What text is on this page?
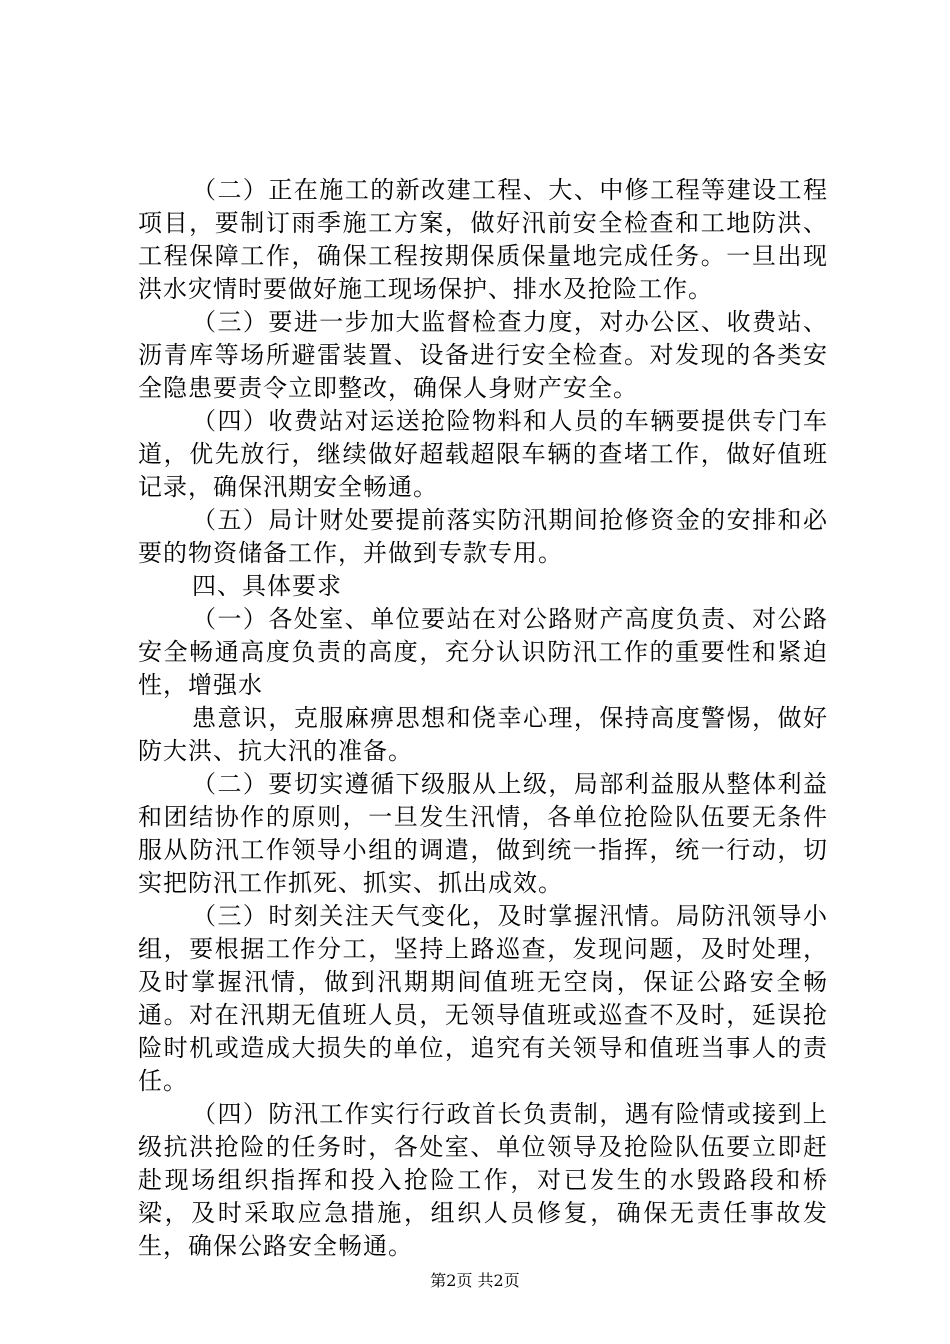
（二）正在施工的新改建工程、大、中修工程等建设工程项目，要制订雨季施工方案，做好汛前安全检查和工地防洪、工程保障工作，确保工程按期保质保量地完成任务。一旦出现洪水灾情时要做好施工现场保护、排水及抢险工作。

（三）要进一步加大监督检查力度，对办公区、收费站、沥青库等场所避雷装置、设备进行安全检查。对发现的各类安全隐患要责令立即整改，确保人身财产安全。

（四）收费站对运送抢险物料和人员的车辆要提供专门车道，优先放行，继续做好超载超限车辆的查堵工作，做好值班记录，确保汛期安全畅通。

（五）局计财处要提前落实防汛期间抢修资金的安排和必要的物资储备工作，并做到专款专用。

四、具体要求

（一）各处室、单位要站在对公路财产高度负责、对公路安全畅通高度负责的高度，充分认识防汛工作的重要性和紧迫性，增强水

患意识，克服麻痹思想和侥幸心理，保持高度警惕，做好防大洪、抗大汛的准备。

（二）要切实遵循下级服从上级，局部利益服从整体利益和团结协作的原则，一旦发生汛情，各单位抢险队伍要无条件服从防汛工作领导小组的调遣，做到统一指挥，统一行动，切实把防汛工作抓死、抓实、抓出成效。

（三）时刻关注天气变化，及时掌握汛情。局防汛领导小组，要根据工作分工，坚持上路巡查，发现问题，及时处理，及时掌握汛情，做到汛期期间值班无空岗，保证公路安全畅通。对在汛期无值班人员，无领导值班或巡查不及时，延误抢险时机或造成大损失的单位，追究有关领导和值班当事人的责任。

（四）防汛工作实行行政首长负责制，遇有险情或接到上级抗洪抢险的任务时，各处室、单位领导及抢险队伍要立即赶赴现场组织指挥和投入抢险工作，对已发生的水毁路段和桥梁，及时采取应急措施，组织人员修复，确保无责任事故发生，确保公路安全畅通。

第2页 共2页
